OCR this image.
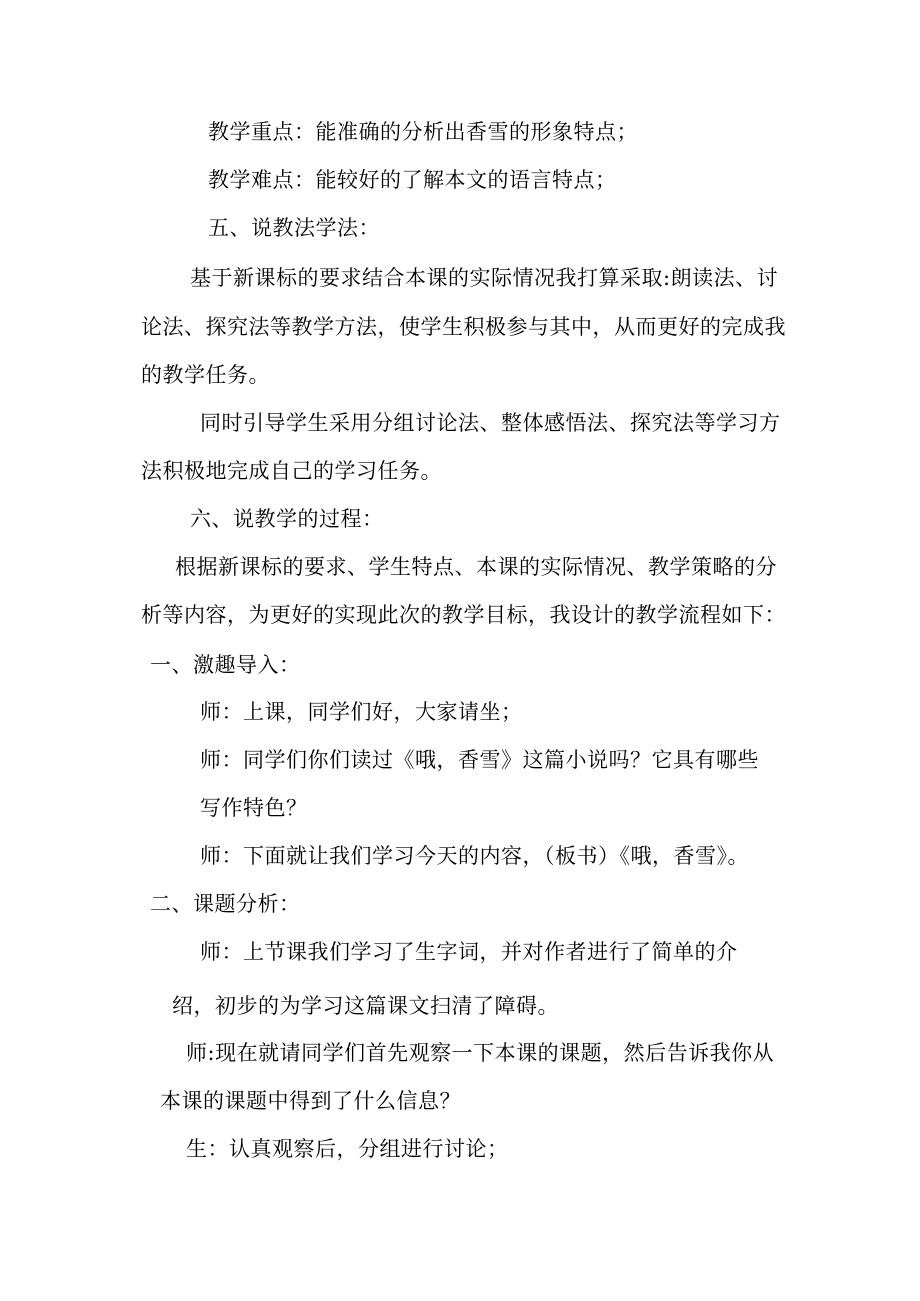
教学重点：能准确的分析出香雪的形象特点；
教学难点：能较好的了解本文的语言特点；
五、说教法学法：
基于新课标的要求结合本课的实际情况我打算采取:朗读法、讨
论法、探究法等教学方法，使学生积极参与其中，从而更好的完成我
的教学任务。
同时引导学生采用分组讨论法、整体感悟法、探究法等学习方
法积极地完成自己的学习任务。
六、说教学的过程：
根据新课标的要求、学生特点、本课的实际情况、教学策略的分
析等内容，为更好的实现此次的教学目标，我设计的教学流程如下：
一、激趣导入：
师：上课，同学们好，大家请坐；
师：同学们你们读过《哦，香雪》这篇小说吗？它具有哪些
写作特色？
师：下面就让我们学习今天的内容，（板书）《哦，香雪》。
二、课题分析：
师：上节课我们学习了生字词，并对作者进行了简单的介
绍，初步的为学习这篇课文扫清了障碍。
师:现在就请同学们首先观察一下本课的课题，然后告诉我你从
本课的课题中得到了什么信息？
生：认真观察后，分组进行讨论；
